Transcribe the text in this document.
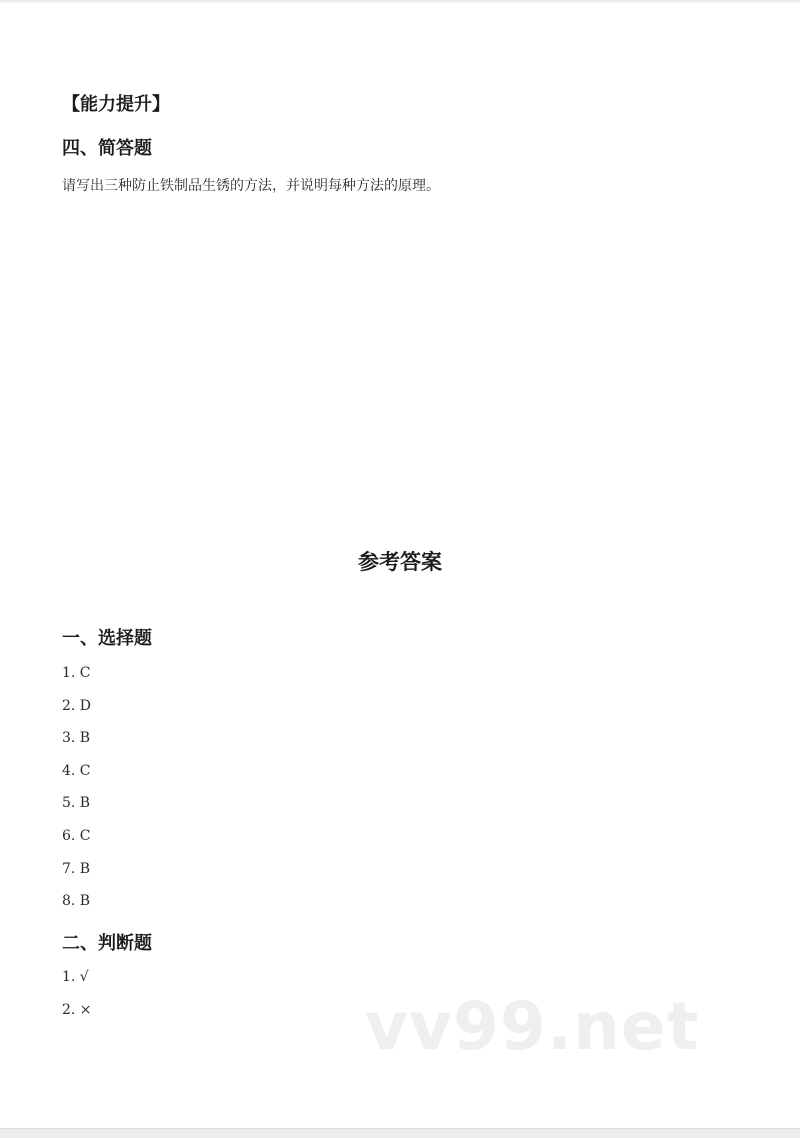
【能力提升】
四、简答题
请写出三种防止铁制品生锈的方法，并说明每种方法的原理。
参考答案
一、选择题
1. C
2. D
3. B
4. C
5. B
6. C
7. B
8. B
二、判断题
1. √
2. ×	vv99.net
